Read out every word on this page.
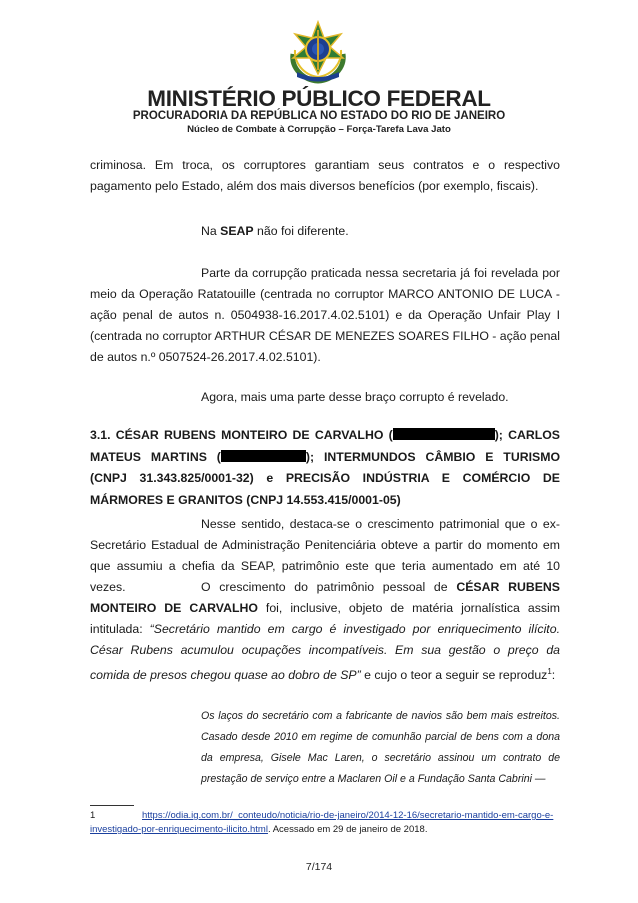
MINISTÉRIO PÚBLICO FEDERAL
PROCURADORIA DA REPÚBLICA NO ESTADO DO RIO DE JANEIRO
Núcleo de Combate à Corrupção – Força-Tarefa Lava Jato
criminosa. Em troca, os corruptores garantiam seus contratos e o respectivo pagamento pelo Estado, além dos mais diversos benefícios (por exemplo, fiscais).
Na SEAP não foi diferente.
Parte da corrupção praticada nessa secretaria já foi revelada por meio da Operação Ratatouille (centrada no corruptor MARCO ANTONIO DE LUCA - ação penal de autos n. 0504938-16.2017.4.02.5101) e da Operação Unfair Play I (centrada no corruptor ARTHUR CÉSAR DE MENEZES SOARES FILHO - ação penal de autos n.º 0507524-26.2017.4.02.5101).
Agora, mais uma parte desse braço corrupto é revelado.
3.1. CÉSAR RUBENS MONTEIRO DE CARVALHO (	); CARLOS MATEUS MARTINS (	); INTERMUNDOS CÂMBIO E TURISMO (CNPJ 31.343.825/0001-32) e PRECISÃO INDÚSTRIA E COMÉRCIO DE MÁRMORES E GRANITOS (CNPJ 14.553.415/0001-05)
Nesse sentido, destaca-se o crescimento patrimonial que o ex-Secretário Estadual de Administração Penitenciária obteve a partir do momento em que assumiu a chefia da SEAP, patrimônio este que teria aumentado em até 10 vezes.	O crescimento do patrimônio pessoal de CÉSAR RUBENS MONTEIRO DE CARVALHO foi, inclusive, objeto de matéria jornalística assim intitulada: “Secretário mantido em cargo é investigado por enriquecimento ilícito. César Rubens acumulou ocupações incompatíveis. Em sua gestão o preço da comida de presos chegou quase ao dobro de SP” e cujo o teor a seguir se reproduz$^1$:
Os laços do secretário com a fabricante de navios são bem mais estreitos. Casado desde 2010 em regime de comunhão parcial de bens com a dona da empresa, Gisele Mac Laren, o secretário assinou um contrato de prestação de serviço entre a Maclaren Oil e a Fundação Santa Cabrini —
1	https://odia.ig.com.br/_conteudo/noticia/rio-de-janeiro/2014-12-16/secretario-mantido-em-cargo-e-investigado-por-enriquecimento-ilicito.html. Acessado em 29 de janeiro de 2018.
7/174
